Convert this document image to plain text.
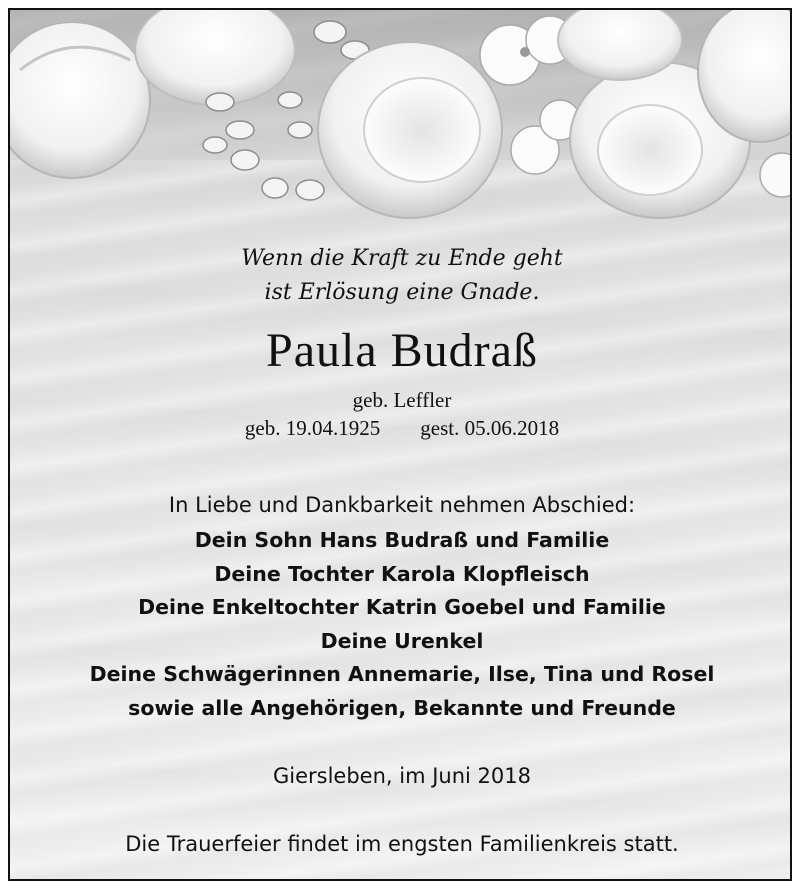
Wenn die Kraft zu Ende geht

ist Erlösung eine Gnade.

Paula Budraß

geb. Leffler

geb. 19.04.1925 gest. 05.06.2018

In Liebe und Dankbarkeit nehmen Abschied:

Dein Sohn Hans Budraß und Familie
Deine Tochter Karola Klopfleisch
Deine Enkeltochter Katrin Goebel und Familie
Deine Urenkel
Deine Schwägerinnen Annemarie, Ilse, Tina und Rosel
sowie alle Angehörigen, Bekannte und Freunde

Giersleben, im Juni 2018

Die Trauerfeier findet im engsten Familienkreis statt.
